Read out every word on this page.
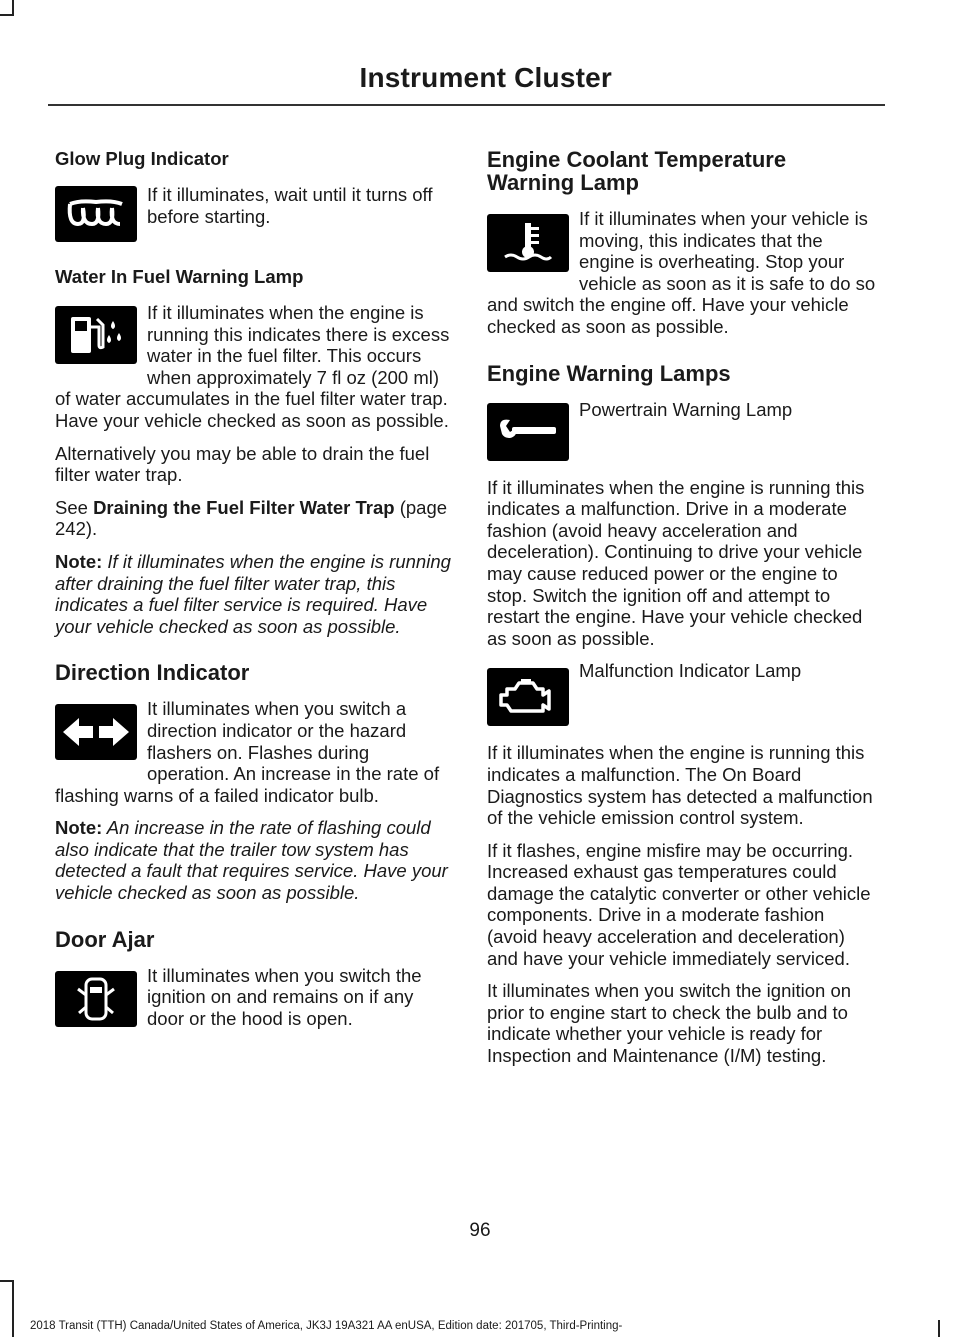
Instrument Cluster
Glow Plug Indicator

If it illuminates, wait until it turns off before starting.

Water In Fuel Warning Lamp

If it illuminates when the engine is running this indicates there is excess water in the fuel filter. This occurs when approximately 7 fl oz (200 ml) of water accumulates in the fuel filter water trap. Have your vehicle checked as soon as possible.

Alternatively you may be able to drain the fuel filter water trap.

See Draining the Fuel Filter Water Trap (page 242).

Note: If it illuminates when the engine is running after draining the fuel filter water trap, this indicates a fuel filter service is required. Have your vehicle checked as soon as possible.

Direction Indicator

It illuminates when you switch a direction indicator or the hazard flashers on. Flashes during operation. An increase in the rate of flashing warns of a failed indicator bulb.

Note: An increase in the rate of flashing could also indicate that the trailer tow system has detected a fault that requires service. Have your vehicle checked as soon as possible.

Door Ajar

It illuminates when you switch the ignition on and remains on if any door or the hood is open.

Engine Coolant Temperature Warning Lamp

If it illuminates when your vehicle is moving, this indicates that the engine is overheating. Stop your vehicle as soon as it is safe to do so and switch the engine off. Have your vehicle checked as soon as possible.

Engine Warning Lamps

Powertrain Warning Lamp

If it illuminates when the engine is running this indicates a malfunction. Drive in a moderate fashion (avoid heavy acceleration and deceleration). Continuing to drive your vehicle may cause reduced power or the engine to stop. Switch the ignition off and attempt to restart the engine. Have your vehicle checked as soon as possible.

Malfunction Indicator Lamp

If it illuminates when the engine is running this indicates a malfunction. The On Board Diagnostics system has detected a malfunction of the vehicle emission control system.

If it flashes, engine misfire may be occurring. Increased exhaust gas temperatures could damage the catalytic converter or other vehicle components. Drive in a moderate fashion (avoid heavy acceleration and deceleration) and have your vehicle immediately serviced.

It illuminates when you switch the ignition on prior to engine start to check the bulb and to indicate whether your vehicle is ready for Inspection and Maintenance (I/M) testing.

96
2018 Transit (TTH) Canada/United States of America, JK3J 19A321 AA enUSA, Edition date: 201705, Third-Printing-
